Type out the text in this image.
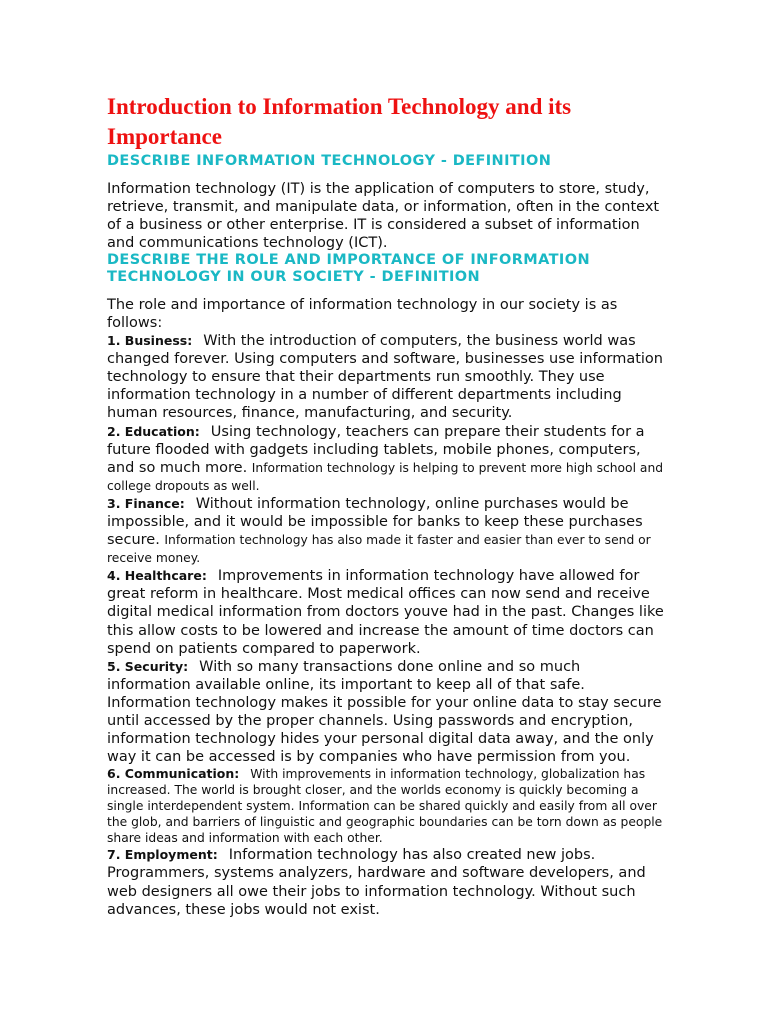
Introduction to Information Technology and its Importance
DESCRIBE INFORMATION TECHNOLOGY - DEFINITION

Information technology (IT) is the application of computers to store, study, retrieve, transmit, and manipulate data, or information, often in the context of a business or other enterprise. IT is considered a subset of information and communications technology (ICT).

DESCRIBE THE ROLE AND IMPORTANCE OF INFORMATION TECHNOLOGY IN OUR SOCIETY - DEFINITION

The role and importance of information technology in our society is as follows:

1. Business: With the introduction of computers, the business world was changed forever. Using computers and software, businesses use information technology to ensure that their departments run smoothly. They use information technology in a number of different departments including human resources, finance, manufacturing, and security.

2. Education: Using technology, teachers can prepare their students for a future flooded with gadgets including tablets, mobile phones, computers, and so much more. Information technology is helping to prevent more high school and college dropouts as well.

3. Finance: Without information technology, online purchases would be impossible, and it would be impossible for banks to keep these purchases secure. Information technology has also made it faster and easier than ever to send or receive money.

4. Healthcare: Improvements in information technology have allowed for great reform in healthcare. Most medical offices can now send and receive digital medical information from doctors youve had in the past. Changes like this allow costs to be lowered and increase the amount of time doctors can spend on patients compared to paperwork.

5. Security: With so many transactions done online and so much information available online, its important to keep all of that safe. Information technology makes it possible for your online data to stay secure until accessed by the proper channels. Using passwords and encryption, information technology hides your personal digital data away, and the only way it can be accessed is by companies who have permission from you.

6. Communication: With improvements in information technology, globalization has increased. The world is brought closer, and the worlds economy is quickly becoming a single interdependent system. Information can be shared quickly and easily from all over the glob, and barriers of linguistic and geographic boundaries can be torn down as people share ideas and information with each other.

7. Employment: Information technology has also created new jobs. Programmers, systems analyzers, hardware and software developers, and web designers all owe their jobs to information technology. Without such advances, these jobs would not exist.
